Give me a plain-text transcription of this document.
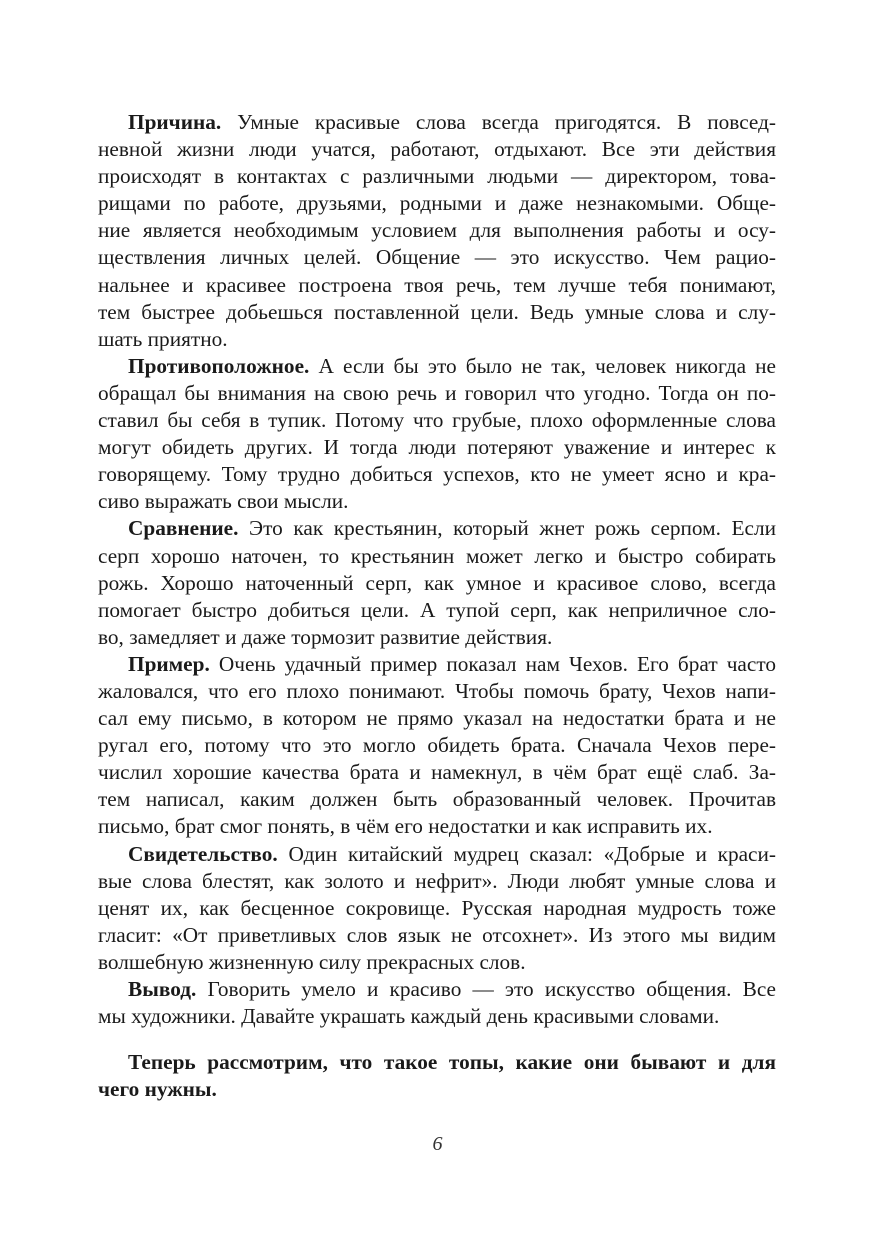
Причина. Умные красивые слова всегда пригодятся. В повсед-
невной жизни люди учатся, работают, отдыхают. Все эти действия
происходят в контактах с различными людьми — директором, това-
рищами по работе, друзьями, родными и даже незнакомыми. Обще-
ние является необходимым условием для выполнения работы и осу-
ществления личных целей. Общение — это искусство. Чем рацио-
нальнее и красивее построена твоя речь, тем лучше тебя понимают,
тем быстрее добьешься поставленной цели. Ведь умные слова и слу-
шать приятно.
Противоположное. А если бы это было не так, человек никогда не
обращал бы внимания на свою речь и говорил что угодно. Тогда он по-
ставил бы себя в тупик. Потому что грубые, плохо оформленные слова
могут обидеть других. И тогда люди потеряют уважение и интерес к
говорящему. Тому трудно добиться успехов, кто не умеет ясно и кра-
сиво выражать свои мысли.
Сравнение. Это как крестьянин, который жнет рожь серпом. Если
серп хорошо наточен, то крестьянин может легко и быстро собирать
рожь. Хорошо наточенный серп, как умное и красивое слово, всегда
помогает быстро добиться цели. А тупой серп, как неприличное сло-
во, замедляет и даже тормозит развитие действия.
Пример. Очень удачный пример показал нам Чехов. Его брат часто
жаловался, что его плохо понимают. Чтобы помочь брату, Чехов напи-
сал ему письмо, в котором не прямо указал на недостатки брата и не
ругал его, потому что это могло обидеть брата. Сначала Чехов пере-
числил хорошие качества брата и намекнул, в чём брат ещё слаб. За-
тем написал, каким должен быть образованный человек. Прочитав
письмо, брат смог понять, в чём его недостатки и как исправить их.
Свидетельство. Один китайский мудрец сказал: «Добрые и краси-
вые слова блестят, как золото и нефрит». Люди любят умные слова и
ценят их, как бесценное сокровище. Русская народная мудрость тоже
гласит: «От приветливых слов язык не отсохнет». Из этого мы видим
волшебную жизненную силу прекрасных слов.
Вывод. Говорить умело и красиво — это искусство общения. Все
мы художники. Давайте украшать каждый день красивыми словами.
Теперь рассмотрим, что такое топы, какие они бывают и для
чего нужны.
6
